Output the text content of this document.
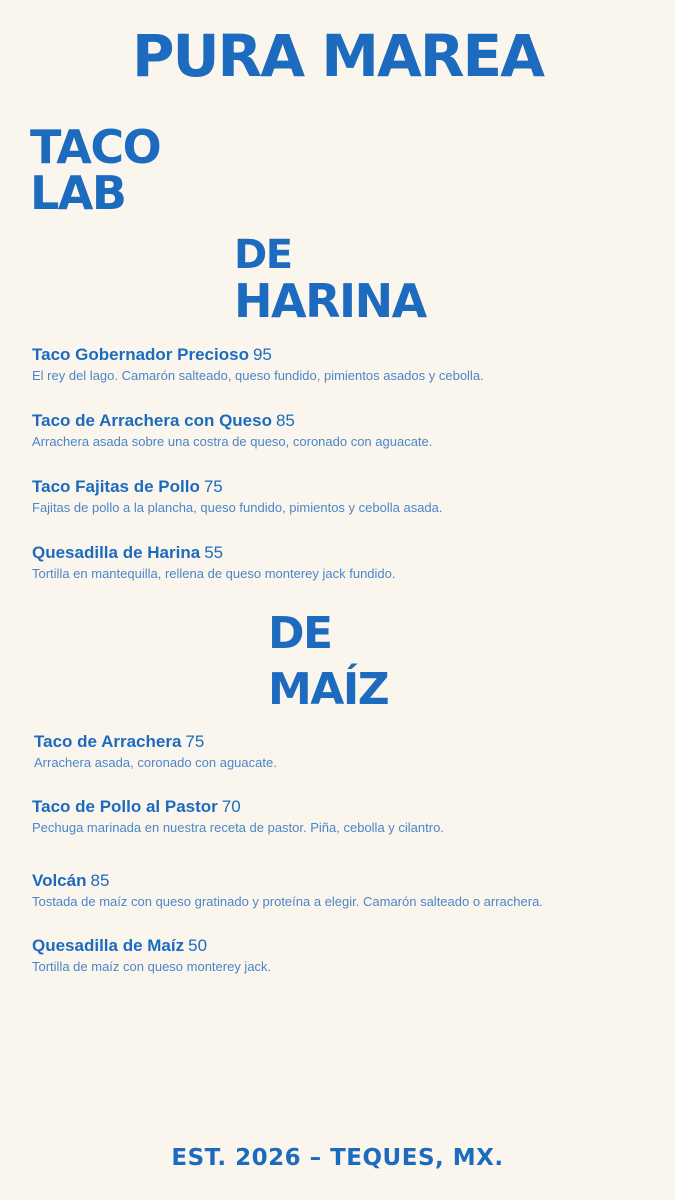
PURA MAREA
TACO
LAB
DE
HARINA
Taco Gobernador Precioso 95
El rey del lago. Camarón salteado, queso fundido, pimientos asados y cebolla.
Taco de Arrachera con Queso 85
Arrachera asada sobre una costra de queso, coronado con aguacate.
Taco Fajitas de Pollo 75
Fajitas de pollo a la plancha, queso fundido, pimientos y cebolla asada.
Quesadilla de Harina 55
Tortilla en mantequilla, rellena de queso monterey jack fundido.
DE
MAÍZ
Taco de Arrachera 75
Arrachera asada, coronado con aguacate.
Taco de Pollo al Pastor 70
Pechuga marinada en nuestra receta de pastor. Piña, cebolla y cilantro.
Volcán 85
Tostada de maíz con queso gratinado y proteína a elegir. Camarón salteado o arrachera.
Quesadilla de Maíz 50
Tortilla de maíz con queso monterey jack.
EST. 2026 – TEQUES, MX.
